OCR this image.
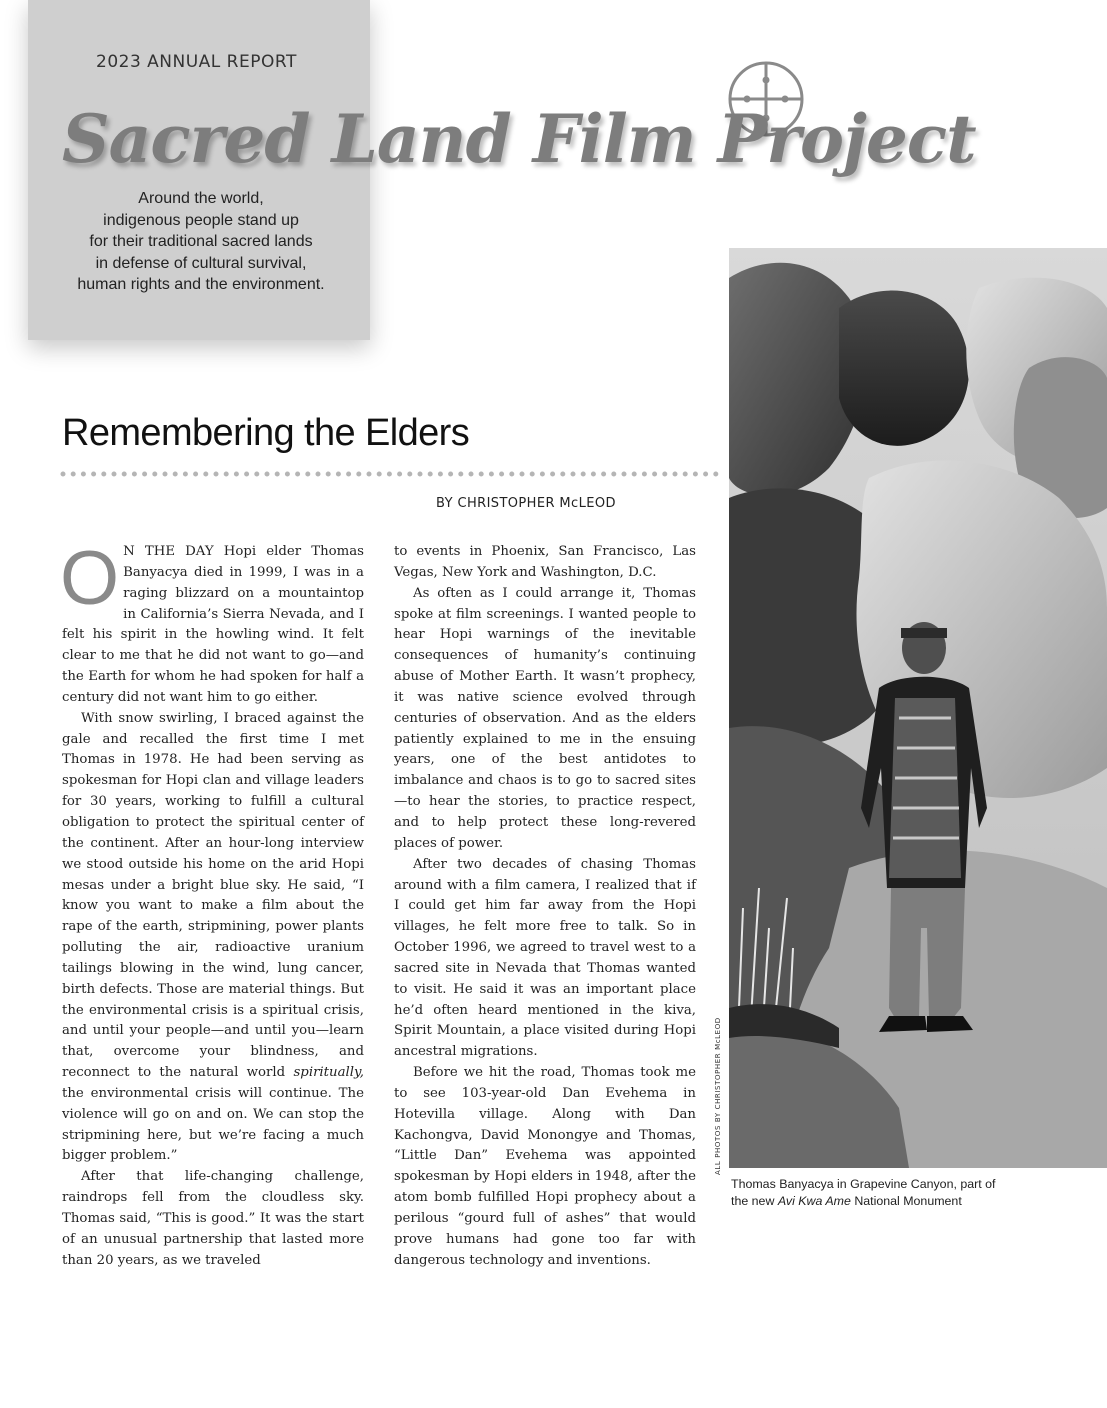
2023 ANNUAL REPORT
Sacred Land Film Project
Around the world,
indigenous people stand up
for their traditional sacred lands
in defense of cultural survival,
human rights and the environment.
ALL PHOTOS BY CHRISTOPHER McLEOD
Thomas Banyacya in Grapevine Canyon, part of
the new Avi Kwa Ame National Monument
Remembering the Elders
BY CHRISTOPHER McLEOD

O N THE DAY Hopi elder Thomas Banyacya died in 1999, I was in a raging blizzard on a mountaintop in California’s Sierra Nevada, and I felt his spirit in the howling wind. It felt clear to me that he did not want to go—and the Earth for whom he had spoken for half a century did not want him to go either.

With snow swirling, I braced against the gale and recalled the first time I met Thomas in 1978. He had been serving as spokesman for Hopi clan and village leaders for 30 years, working to fulfill a cultural obligation to protect the spiritual center of the continent. After an hour-long interview we stood outside his home on the arid Hopi mesas under a bright blue sky. He said, “I know you want to make a film about the rape of the earth, stripmining, power plants polluting the air, radioactive uranium tailings blowing in the wind, lung cancer, birth defects. Those are material things. But the environmental crisis is a spiritual crisis, and until your people—and until you—learn that, overcome your blindness, and reconnect to the natural world spiritually, the environmental crisis will continue. The violence will go on and on. We can stop the stripmining here, but we’re facing a much bigger problem.”

After that life-changing challenge, raindrops fell from the cloudless sky. Thomas said, “This is good.” It was the start of an unusual partnership that lasted more than 20 years, as we traveled

to events in Phoenix, San Francisco, Las Vegas, New York and Washington, D.C.

As often as I could arrange it, Thomas spoke at film screenings. I wanted people to hear Hopi warnings of the inevitable consequences of humanity’s continuing abuse of Mother Earth. It wasn’t prophecy, it was native science evolved through centuries of observation. And as the elders patiently explained to me in the ensuing years, one of the best antidotes to imbalance and chaos is to go to sacred sites—to hear the stories, to practice respect, and to help protect these long-revered places of power.

After two decades of chasing Thomas around with a film camera, I realized that if I could get him far away from the Hopi villages, he felt more free to talk. So in October 1996, we agreed to travel west to a sacred site in Nevada that Thomas wanted to visit. He said it was an important place he’d often heard mentioned in the kiva, Spirit Mountain, a place visited during Hopi ancestral migrations.

Before we hit the road, Thomas took me to see 103-year-old Dan Evehema in Hotevilla village. Along with Dan Kachongva, David Monongye and Thomas, “Little Dan” Evehema was appointed spokesman by Hopi elders in 1948, after the atom bomb fulfilled Hopi prophecy about a perilous “gourd full of ashes” that would prove humans had gone too far with dangerous technology and inventions.
